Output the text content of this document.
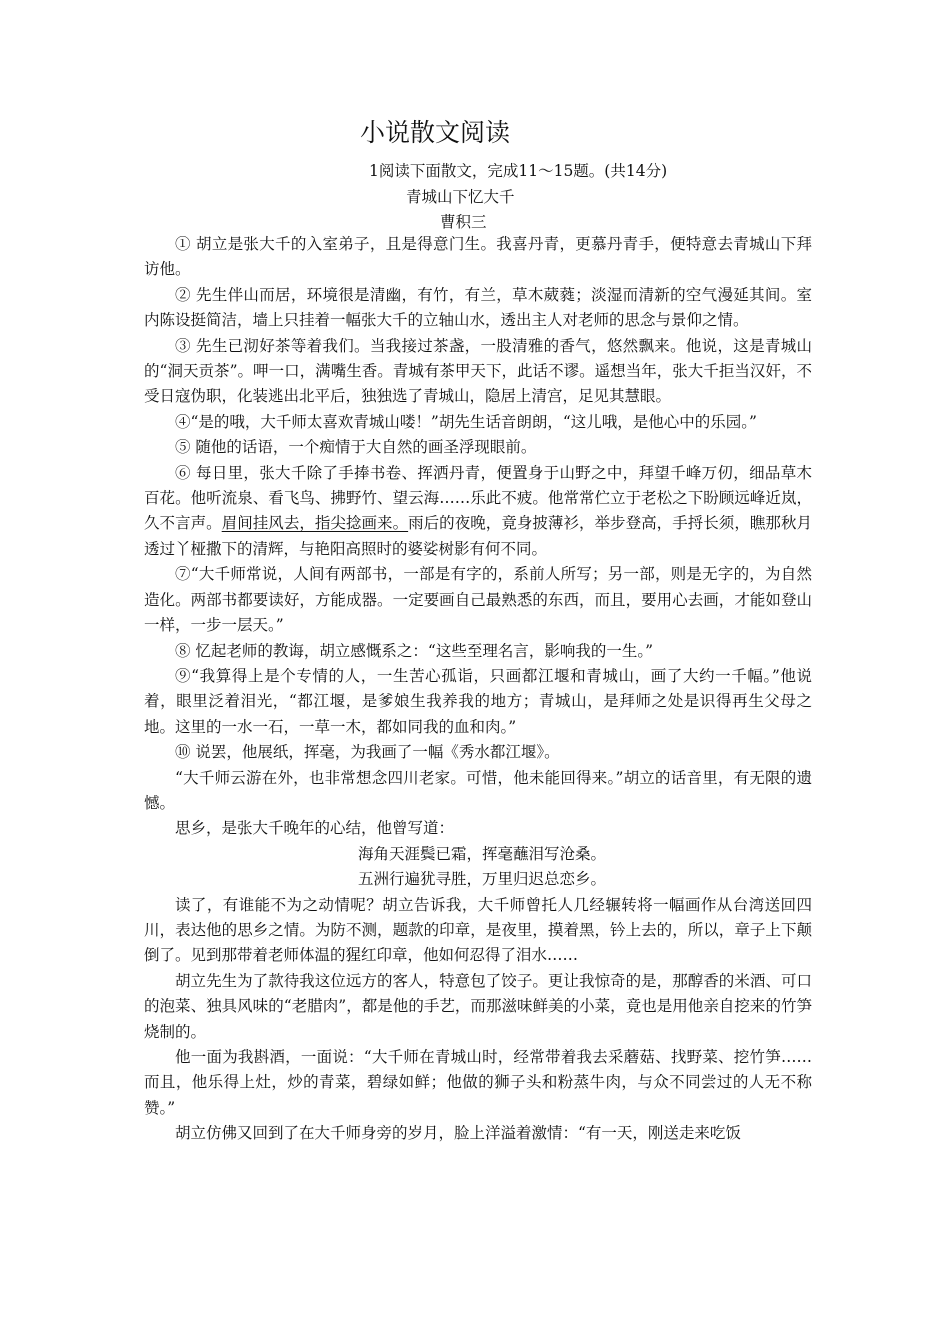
小说散文阅读
1阅读下面散文，完成11～15题。(共14分)
青城山下忆大千
曹积三

① 胡立是张大千的入室弟子，且是得意门生。我喜丹青，更慕丹青手，便特意去青城山下拜访他。

② 先生伴山而居，环境很是清幽，有竹，有兰，草木葳蕤；淡湿而清新的空气漫延其间。室内陈设挺简洁，墙上只挂着一幅张大千的立轴山水，透出主人对老师的思念与景仰之情。

③ 先生已沏好茶等着我们。当我接过茶盏，一股清雅的香气，悠然飘来。他说，这是青城山的“洞天贡茶”。呷一口，满嘴生香。青城有茶甲天下，此话不谬。遥想当年，张大千拒当汉奸，不受日寇伪职，化装逃出北平后，独独选了青城山，隐居上清宫，足见其慧眼。

④“是的哦，大千师太喜欢青城山喽！”胡先生话音朗朗，“这儿哦，是他心中的乐园。”

⑤ 随他的话语，一个痴情于大自然的画圣浮现眼前。

⑥ 每日里，张大千除了手捧书卷、挥洒丹青，便置身于山野之中，拜望千峰万仞，细品草木百花。他听流泉、看飞鸟、拂野竹、望云海……乐此不疲。他常常伫立于老松之下盼顾远峰近岚，久不言声。眉间挂风去，指尖捻画来。雨后的夜晚，竟身披薄衫，举步登高，手捋长须，瞧那秋月透过丫桠撒下的清辉，与艳阳高照时的婆娑树影有何不同。

⑦“大千师常说，人间有两部书，一部是有字的，系前人所写；另一部，则是无字的，为自然造化。两部书都要读好，方能成器。一定要画自己最熟悉的东西，而且，要用心去画，才能如登山一样，一步一层天。”

⑧ 忆起老师的教诲，胡立感慨系之：“这些至理名言，影响我的一生。”

⑨“我算得上是个专情的人，一生苦心孤诣，只画都江堰和青城山，画了大约一千幅。”他说着，眼里泛着泪光，“都江堰，是爹娘生我养我的地方；青城山，是拜师之处是识得再生父母之地。这里的一水一石，一草一木，都如同我的血和肉。”

⑩ 说罢，他展纸，挥毫，为我画了一幅《秀水都江堰》。

“大千师云游在外，也非常想念四川老家。可惜，他未能回得来。”胡立的话音里，有无限的遗憾。

思乡，是张大千晚年的心结，他曾写道：

海角天涯鬓已霜，挥毫蘸泪写沧桑。

五洲行遍犹寻胜，万里归迟总恋乡。

读了，有谁能不为之动情呢？胡立告诉我，大千师曾托人几经辗转将一幅画作从台湾送回四川，表达他的思乡之情。为防不测，题款的印章，是夜里，摸着黑，钤上去的，所以，章子上下颠倒了。见到那带着老师体温的猩红印章，他如何忍得了泪水……

胡立先生为了款待我这位远方的客人，特意包了饺子。更让我惊奇的是，那醇香的米酒、可口的泡菜、独具风味的“老腊肉”，都是他的手艺，而那滋味鲜美的小菜，竟也是用他亲自挖来的竹笋烧制的。

他一面为我斟酒，一面说：“大千师在青城山时，经常带着我去采蘑菇、找野菜、挖竹笋……而且，他乐得上灶，炒的青菜，碧绿如鲜；他做的狮子头和粉蒸牛肉，与众不同尝过的人无不称赞。”

胡立仿佛又回到了在大千师身旁的岁月，脸上洋溢着激情：“有一天，刚送走来吃饭
